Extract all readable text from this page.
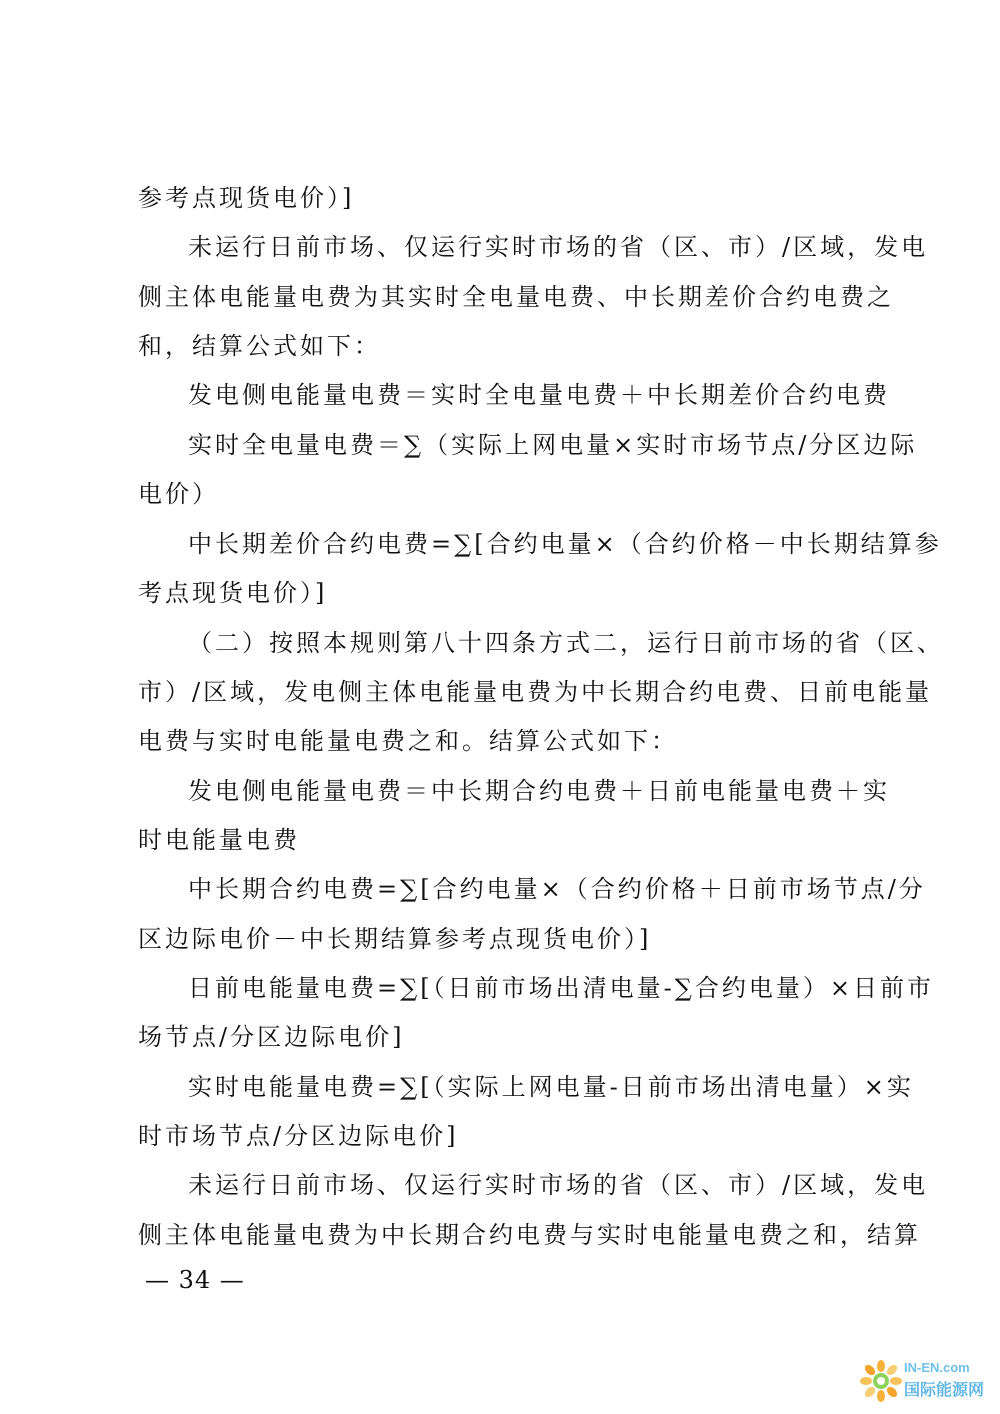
参考点现货电价）]
未运行日前市场、仅运行实时市场的省（区、市）/区域，发电
侧主体电能量电费为其实时全电量电费、中长期差价合约电费之
和，结算公式如下：
发电侧电能量电费＝实时全电量电费＋中长期差价合约电费
实时全电量电费＝∑（实际上网电量×实时市场节点/分区边际
电价）
中长期差价合约电费=∑[合约电量×（合约价格－中长期结算参
考点现货电价）]
（二）按照本规则第八十四条方式二，运行日前市场的省（区、
市）/区域，发电侧主体电能量电费为中长期合约电费、日前电能量
电费与实时电能量电费之和。结算公式如下：
发电侧电能量电费＝中长期合约电费＋日前电能量电费＋实
时电能量电费
中长期合约电费=∑[合约电量×（合约价格＋日前市场节点/分
区边际电价－中长期结算参考点现货电价）]
日前电能量电费=∑[（日前市场出清电量-∑合约电量）×日前市
场节点/分区边际电价]
实时电能量电费=∑[（实际上网电量-日前市场出清电量）×实
时市场节点/分区边际电价]
未运行日前市场、仅运行实时市场的省（区、市）/区域，发电
侧主体电能量电费为中长期合约电费与实时电能量电费之和，结算
— 34 —
IN-EN.com
国际能源网
